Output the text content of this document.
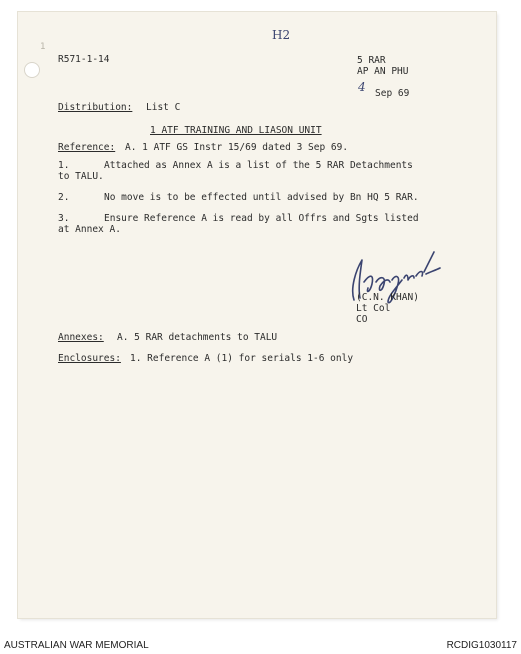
1
H2
R571-1-14	5 RAR
AP AN PHU
4 Sep 69
Distribution: List C
1 ATF TRAINING AND LIASON UNIT
Reference: A. 1 ATF GS Instr 15/69 dated 3 Sep 69.
1.	Attached as Annex A is a list of the 5 RAR Detachments
to TALU.
2.	No move is to be effected until advised by Bn HQ 5 RAR.
3.	Ensure Reference A is read by all Offrs and Sgts listed
at Annex A.
(C.N. KHAN)
Lt Col
CO
Annexes: A. 5 RAR detachments to TALU
Enclosures: 1. Reference A (1) for serials 1-6 only
AUSTRALIAN WAR MEMORIAL	RCDIG1030117
